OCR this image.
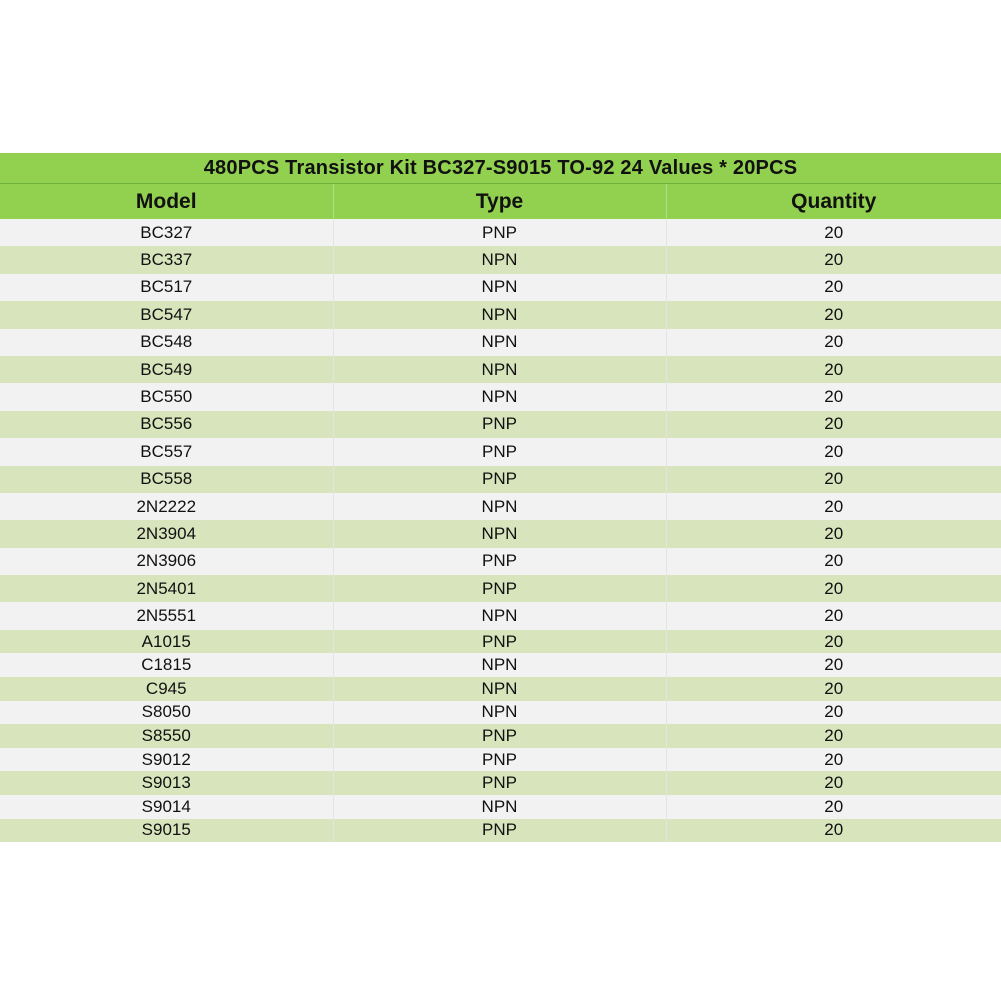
480PCS Transistor Kit BC327-S9015 TO-92 24 Values * 20PCS		
Model	Type	Quantity
BC327	PNP	20
BC337	NPN	20
BC517	NPN	20
BC547	NPN	20
BC548	NPN	20
BC549	NPN	20
BC550	NPN	20
BC556	PNP	20
BC557	PNP	20
BC558	PNP	20
2N2222	NPN	20
2N3904	NPN	20
2N3906	PNP	20
2N5401	PNP	20
2N5551	NPN	20
A1015	PNP	20
C1815	NPN	20
C945	NPN	20
S8050	NPN	20
S8550	PNP	20
S9012	PNP	20
S9013	PNP	20
S9014	NPN	20
S9015	PNP	20
